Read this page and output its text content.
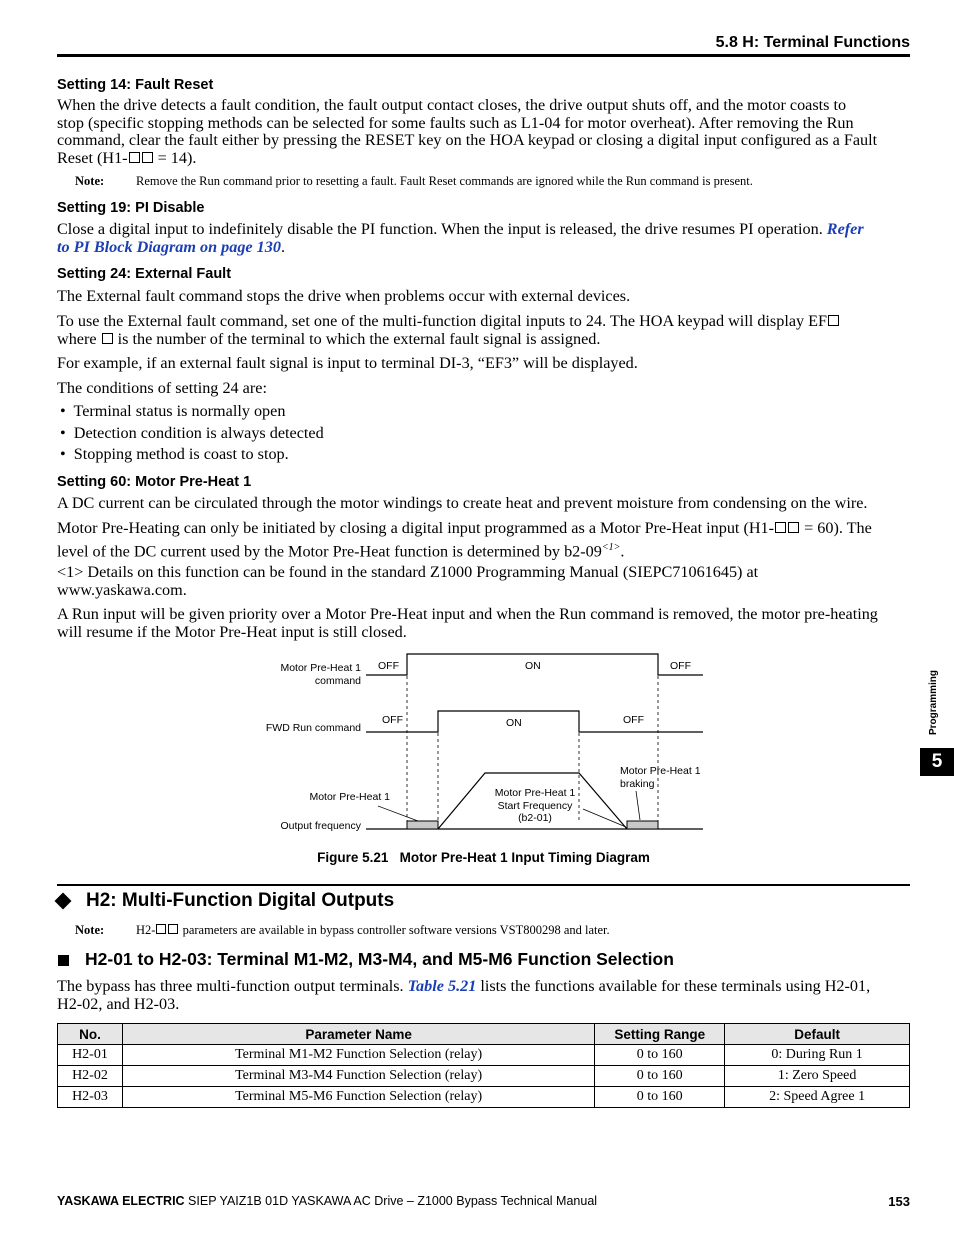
5.8 H: Terminal Functions
Setting 14: Fault Reset
When the drive detects a fault condition, the fault output contact closes, the drive output shuts off, and the motor coasts to
stop (specific stopping methods can be selected for some faults such as L1-04 for motor overheat). After removing the Run
command, clear the fault either by pressing the RESET key on the HOA keypad or closing a digital input configured as a Fault
Reset (H1- = 14).
Note:	Remove the Run command prior to resetting a fault. Fault Reset commands are ignored while the Run command is present.
Setting 19: PI Disable
Close a digital input to indefinitely disable the PI function. When the input is released, the drive resumes PI operation. Refer
to PI Block Diagram on page 130.
Setting 24: External Fault
The External fault command stops the drive when problems occur with external devices.
To use the External fault command, set one of the multi-function digital inputs to 24. The HOA keypad will display EF
where  is the number of the terminal to which the external fault signal is assigned.
For example, if an external fault signal is input to terminal DI-3, “EF3” will be displayed.
The conditions of setting 24 are:
•  Terminal status is normally open
•  Detection condition is always detected
•  Stopping method is coast to stop.
Setting 60: Motor Pre-Heat 1
A DC current can be circulated through the motor windings to create heat and prevent moisture from condensing on the wire.
Motor Pre-Heating can only be initiated by closing a digital input programmed as a Motor Pre-Heat input (H1- = 60). The
level of the DC current used by the Motor Pre-Heat function is determined by $b2-09^{<1>}$.
<1> Details on this function can be found in the standard Z1000 Programming Manual (SIEPC71061645) at
www.yaskawa.com.
A Run input will be given priority over a Motor Pre-Heat input and when the Run command is removed, the motor pre-heating
will resume if the Motor Pre-Heat input is still closed.
Motor Pre-Heat 1
command
OFF	ON	OFF
FWD Run command
OFF	ON	OFF
Output frequency
Motor Pre-Heat 1	Motor Pre-Heat 1
Start Frequency
(b2-01)
Motor Pre-Heat 1
braking
Figure 5.21   Motor Pre-Heat 1 Input Timing Diagram
H2: Multi-Function Digital Outputs
Note:	H2- parameters are available in bypass controller software versions VST800298 and later.
H2-01 to H2-03: Terminal M1-M2, M3-M4, and M5-M6 Function Selection
The bypass has three multi-function output terminals. Table 5.21 lists the functions available for these terminals using H2-01,
H2-02, and H2-03.
No.	Parameter Name	Setting Range	Default
H2-01	Terminal M1-M2 Function Selection (relay)	0 to 160	0: During Run 1
H2-02	Terminal M3-M4 Function Selection (relay)	0 to 160	1: Zero Speed
H2-03	Terminal M5-M6 Function Selection (relay)	0 to 160	2: Speed Agree 1
Programming
5
YASKAWA ELECTRIC SIEP YAIZ1B 01D YASKAWA AC Drive – Z1000 Bypass Technical Manual	153
